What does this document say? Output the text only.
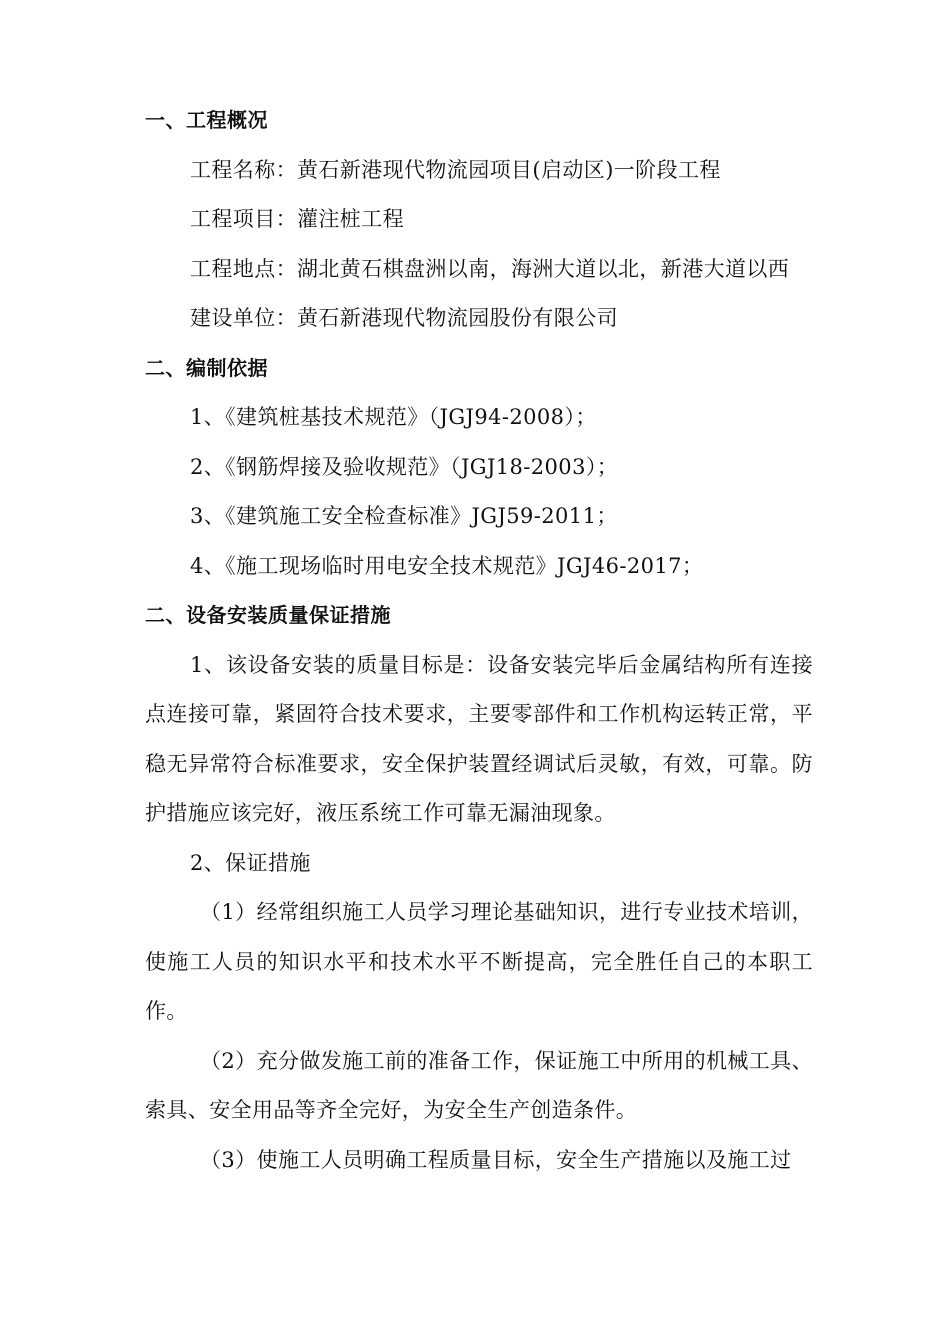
一、工程概况
工程名称：黄石新港现代物流园项目(启动区)一阶段工程
工程项目：灌注桩工程
工程地点：湖北黄石棋盘洲以南，海洲大道以北，新港大道以西
建设单位：黄石新港现代物流园股份有限公司
二、编制依据
1、《建筑桩基技术规范》（JGJ94-2008）；
2、《钢筋焊接及验收规范》（JGJ18-2003）；
3、《建筑施工安全检查标准》JGJ59-2011；
4、《施工现场临时用电安全技术规范》JGJ46-2017；
二、设备安装质量保证措施
1、该设备安装的质量目标是：设备安装完毕后金属结构所有连接点连接可靠，紧固符合技术要求，主要零部件和工作机构运转正常，平稳无异常符合标准要求，安全保护装置经调试后灵敏，有效，可靠。防护措施应该完好，液压系统工作可靠无漏油现象。
2、保证措施
（1）经常组织施工人员学习理论基础知识，进行专业技术培训，使施工人员的知识水平和技术水平不断提高，完全胜任自己的本职工作。
（2）充分做发施工前的准备工作，保证施工中所用的机械工具、索具、安全用品等齐全完好，为安全生产创造条件。
（3）使施工人员明确工程质量目标，安全生产措施以及施工过
